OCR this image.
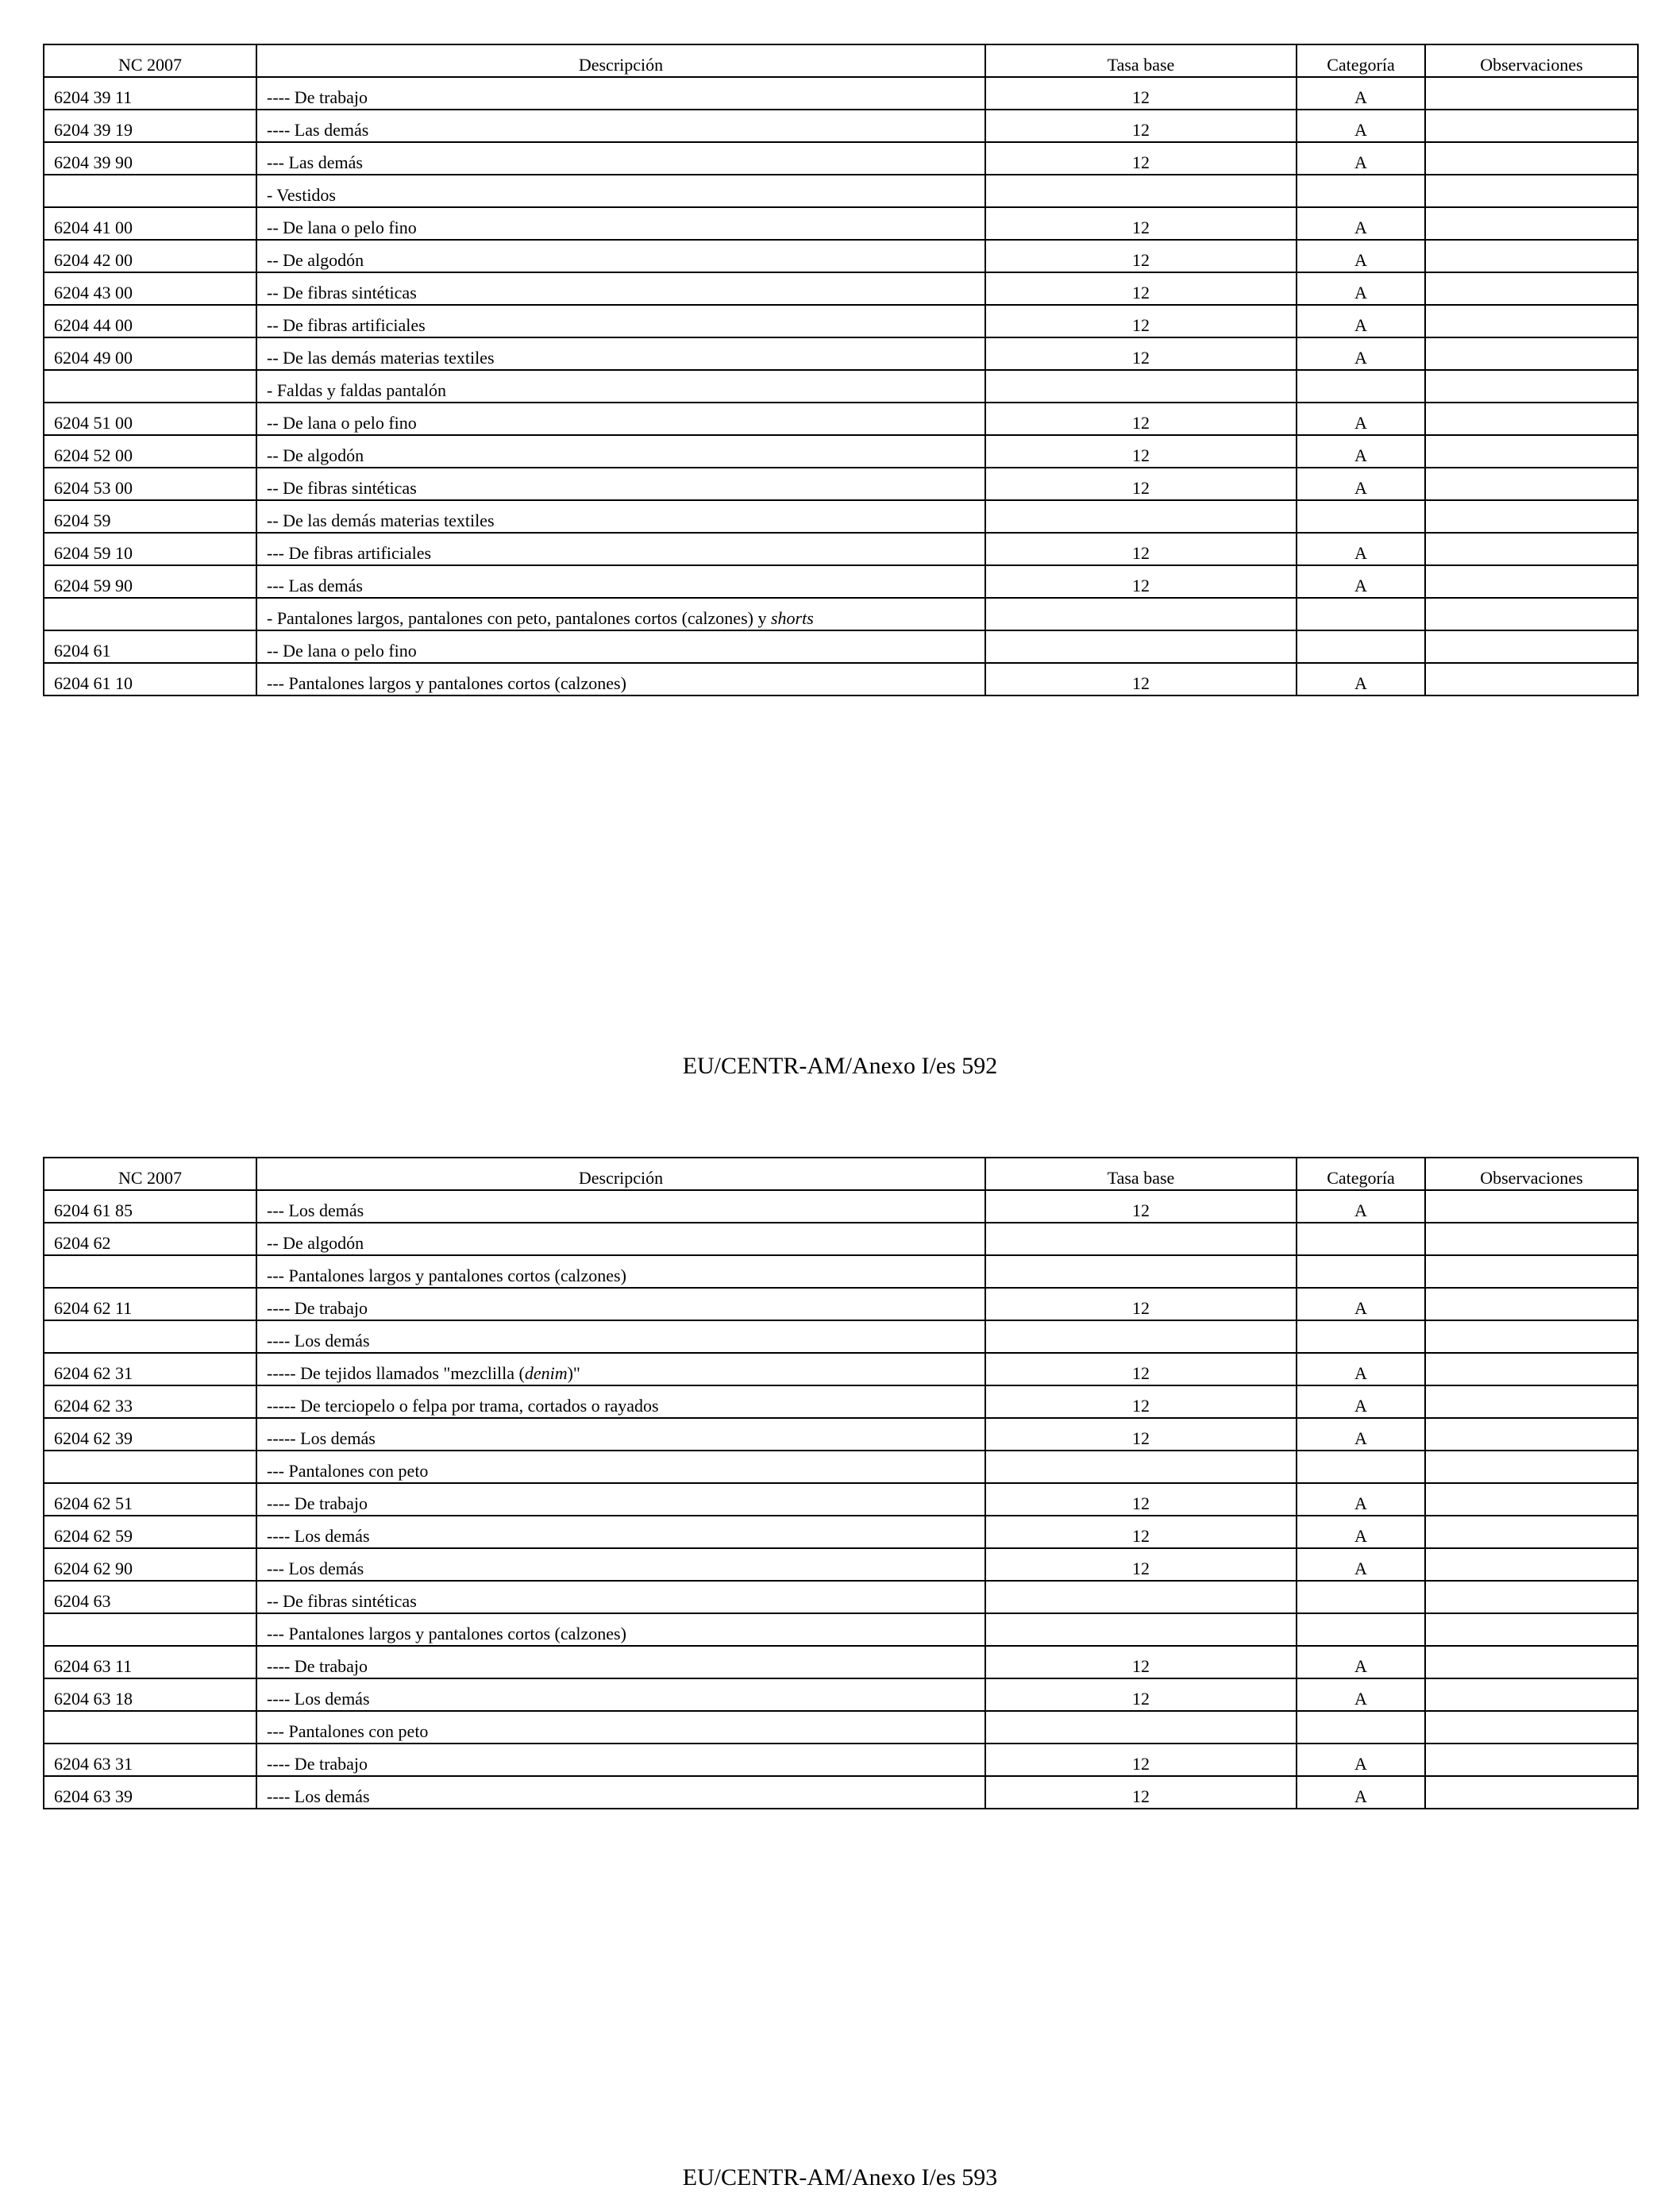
NC 2007	Descripción	Tasa base	Categoría	Observaciones
6204 39 11	---- De trabajo	12	A	
6204 39 19	---- Las demás	12	A	
6204 39 90	--- Las demás	12	A	
	- Vestidos			
6204 41 00	-- De lana o pelo fino	12	A	
6204 42 00	-- De algodón	12	A	
6204 43 00	-- De fibras sintéticas	12	A	
6204 44 00	-- De fibras artificiales	12	A	
6204 49 00	-- De las demás materias textiles	12	A	
	- Faldas y faldas pantalón			
6204 51 00	-- De lana o pelo fino	12	A	
6204 52 00	-- De algodón	12	A	
6204 53 00	-- De fibras sintéticas	12	A	
6204 59	-- De las demás materias textiles			
6204 59 10	--- De fibras artificiales	12	A	
6204 59 90	--- Las demás	12	A	
	- Pantalones largos, pantalones con peto, pantalones cortos (calzones) y shorts			
6204 61	-- De lana o pelo fino			
6204 61 10	--- Pantalones largos y pantalones cortos (calzones)	12	A	
EU/CENTR-AM/Anexo I/es 592
NC 2007	Descripción	Tasa base	Categoría	Observaciones
6204 61 85	--- Los demás	12	A	
6204 62	-- De algodón			
	--- Pantalones largos y pantalones cortos (calzones)			
6204 62 11	---- De trabajo	12	A	
	---- Los demás			
6204 62 31	----- De tejidos llamados "mezclilla (denim)"	12	A	
6204 62 33	----- De terciopelo o felpa por trama, cortados o rayados	12	A	
6204 62 39	----- Los demás	12	A	
	--- Pantalones con peto			
6204 62 51	---- De trabajo	12	A	
6204 62 59	---- Los demás	12	A	
6204 62 90	--- Los demás	12	A	
6204 63	-- De fibras sintéticas			
	--- Pantalones largos y pantalones cortos (calzones)			
6204 63 11	---- De trabajo	12	A	
6204 63 18	---- Los demás	12	A	
	--- Pantalones con peto			
6204 63 31	---- De trabajo	12	A	
6204 63 39	---- Los demás	12	A	
EU/CENTR-AM/Anexo I/es 593
